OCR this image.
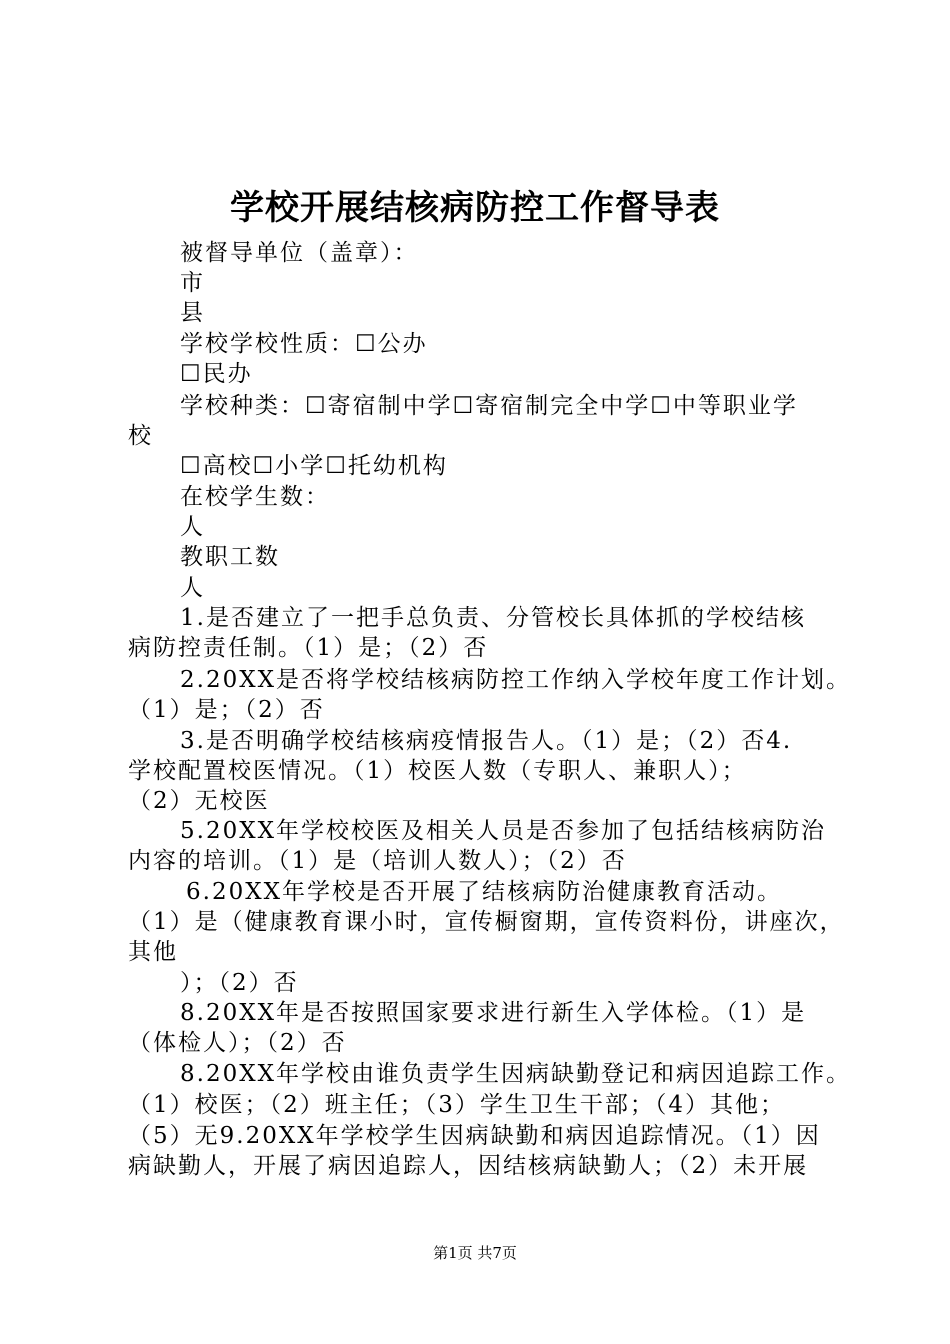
学校开展结核病防控工作督导表
被督导单位（盖章）：
市
县
学校学校性质：☐公办
☐民办
学校种类：☐寄宿制中学☐寄宿制完全中学☐中等职业学
校
☐高校☐小学☐托幼机构
在校学生数：
人
教职工数
人
1.是否建立了一把手总负责、分管校长具体抓的学校结核
病防控责任制。（1）是；（2）否
2.20XX是否将学校结核病防控工作纳入学校年度工作计划。
（1）是；（2）否
3.是否明确学校结核病疫情报告人。（1）是；（2）否4.
学校配置校医情况。（1）校医人数（专职人、兼职人）；
（2）无校医
5.20XX年学校校医及相关人员是否参加了包括结核病防治
内容的培训。（1）是（培训人数人）；（2）否
6.20XX年学校是否开展了结核病防治健康教育活动。
（1）是（健康教育课小时，宣传橱窗期，宣传资料份，讲座次，
其他
）；（2）否
8.20XX年是否按照国家要求进行新生入学体检。（1）是
（体检人）；（2）否
8.20XX年学校由谁负责学生因病缺勤登记和病因追踪工作。
（1）校医；（2）班主任；（3）学生卫生干部；（4）其他；
（5）无9.20XX年学校学生因病缺勤和病因追踪情况。（1）因
病缺勤人，开展了病因追踪人，因结核病缺勤人；（2）未开展
第1页 共7页
